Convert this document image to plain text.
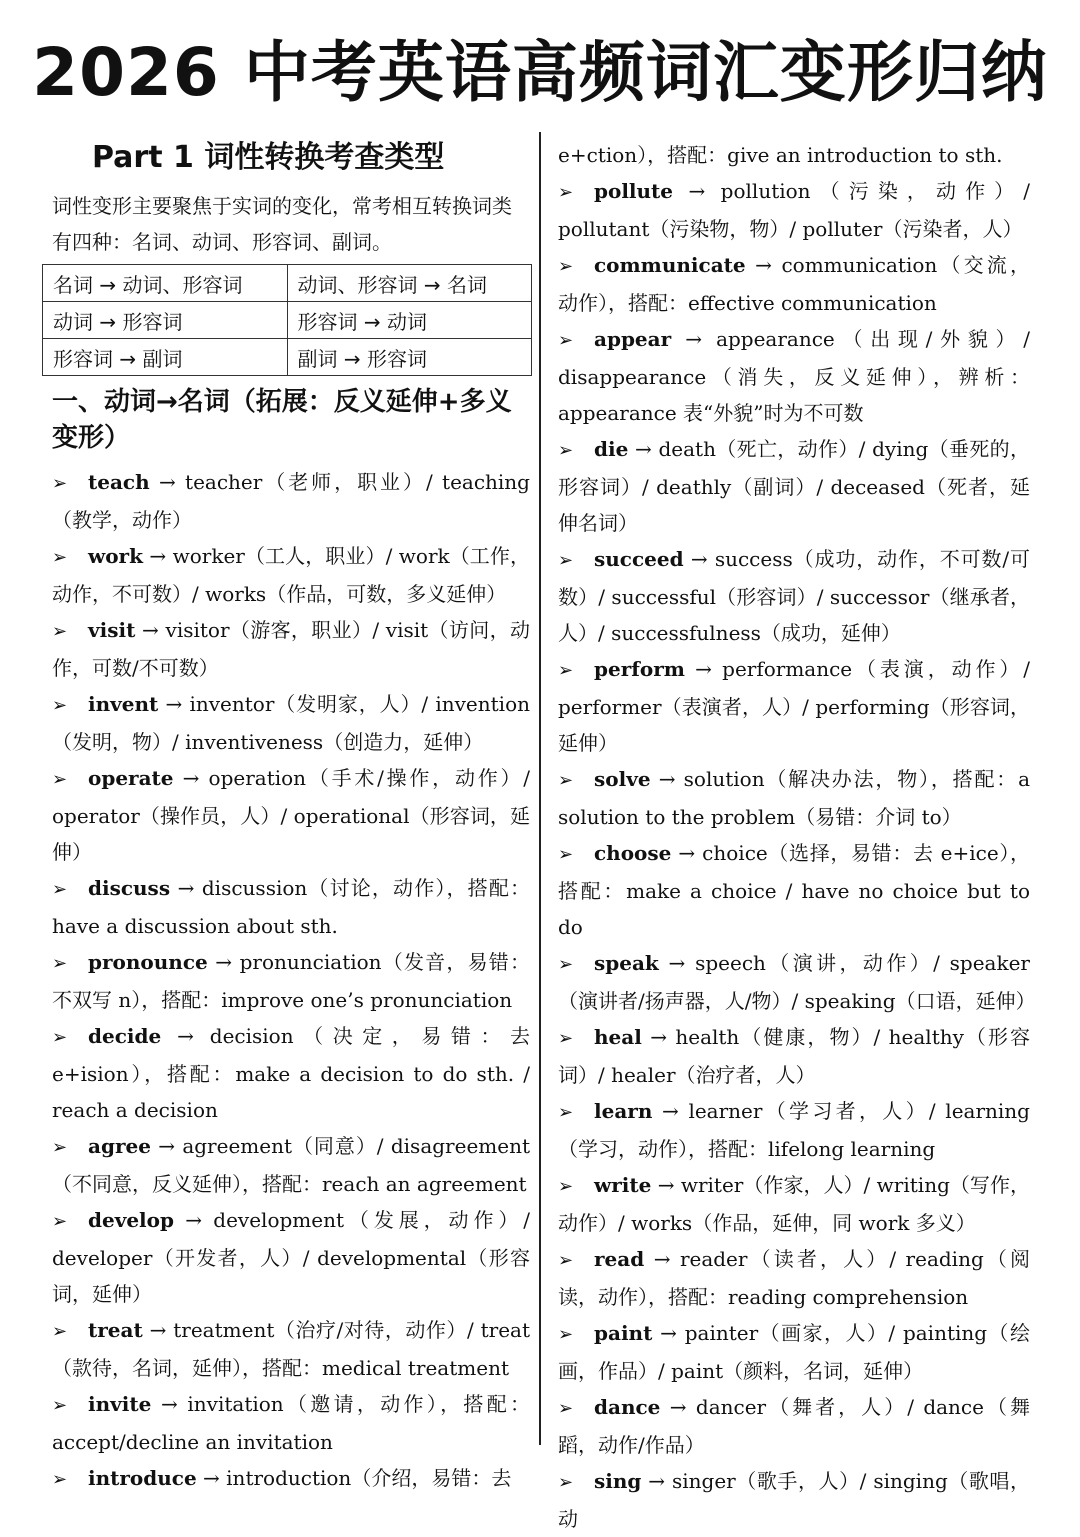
2026 中考英语高频词汇变形归纳
Part 1 词性转换考查类型

词性变形主要聚焦于实词的变化，常考相互转换词类有四种：名词、动词、形容词、副词。

名词 → 动词、形容词	动词、形容词 → 名词
动词 → 形容词	形容词 → 动词
形容词 → 副词	副词 → 形容词
一、动词→名词（拓展：反义延伸+多义变形）

➢ teach → teacher（老师，职业）/ teaching（教学，动作）

➢ work → worker（工人，职业）/ work（工作，动作，不可数）/ works（作品，可数，多义延伸）

➢ visit → visitor（游客，职业）/ visit（访问，动作，可数/不可数）

➢ invent → inventor（发明家，人）/ invention（发明，物）/ inventiveness（创造力，延伸）

➢ operate → operation（手术/操作，动作）/ operator（操作员，人）/ operational（形容词，延伸）

➢ discuss → discussion（讨论，动作），搭配：have a discussion about sth.

➢ pronounce → pronunciation（发音，易错：不双写 n），搭配：improve one’s pronunciation

➢ decide → decision（决定，易错：去 e+ision），搭配：make a decision to do sth. / reach a decision

➢ agree → agreement（同意）/ disagreement（不同意，反义延伸），搭配：reach an agreement

➢ develop → development（发展，动作）/ developer（开发者，人）/ developmental（形容词，延伸）

➢ treat → treatment（治疗/对待，动作）/ treat（款待，名词，延伸），搭配：medical treatment

➢ invite → invitation（邀请，动作），搭配：accept/decline an invitation

➢ introduce → introduction（介绍，易错：去

e+ction），搭配：give an introduction to sth.

➢ pollute → pollution（污染，动作）/ pollutant（污染物，物）/ polluter（污染者，人）

➢ communicate → communication（交流，动作），搭配：effective communication

➢ appear → appearance（出现/外貌）/ disappearance（消失，反义延伸），辨析：appearance 表“外貌”时为不可数

➢ die → death（死亡，动作）/ dying（垂死的，形容词）/ deathly（副词）/ deceased（死者，延伸名词）

➢ succeed → success（成功，动作，不可数/可数）/ successful（形容词）/ successor（继承者，人）/ successfulness（成功，延伸）

➢ perform → performance（表演，动作）/ performer（表演者，人）/ performing（形容词，延伸）

➢ solve → solution（解决办法，物），搭配：a solution to the problem（易错：介词 to）

➢ choose → choice（选择，易错：去 e+ice），搭配：make a choice / have no choice but to do

➢ speak → speech（演讲，动作）/ speaker（演讲者/扬声器，人/物）/ speaking（口语，延伸）

➢ heal → health（健康，物）/ healthy（形容词）/ healer（治疗者，人）

➢ learn → learner（学习者，人）/ learning（学习，动作），搭配：lifelong learning

➢ write → writer（作家，人）/ writing（写作，动作）/ works（作品，延伸，同 work 多义）

➢ read → reader（读者，人）/ reading（阅读，动作），搭配：reading comprehension

➢ paint → painter（画家，人）/ painting（绘画，作品）/ paint（颜料，名词，延伸）

➢ dance → dancer（舞者，人）/ dance（舞蹈，动作/作品）

➢ sing → singer（歌手，人）/ singing（歌唱，动
